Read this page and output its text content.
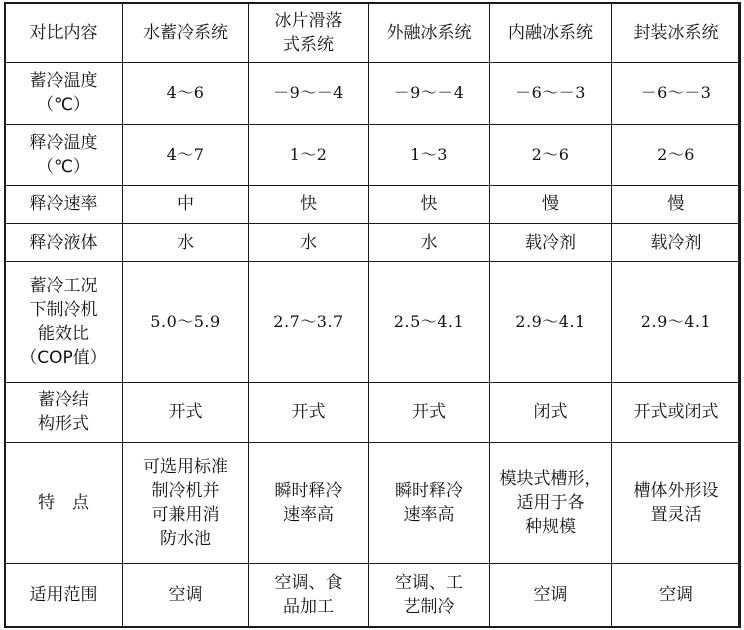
对比内容	水蓄冷系统	冰片滑落
式系统	外融冰系统	内融冰系统	封装冰系统
蓄冷温度
（℃）	4～6	－9～－4	－9～－4	－6～－3	－6～－3
释冷温度
（℃）	4～7	1～2	1～3	2～6	2～6
释冷速率	中	快	快	慢	慢
释冷液体	水	水	水	载冷剂	载冷剂
蓄冷工况
下制冷机
能效比
（COP值）	5.0～5.9	2.7～3.7	2.5～4.1	2.9～4.1	2.9～4.1
蓄冷结
构形式	开式	开式	开式	闭式	开式或闭式
特　点	可选用标准
制冷机并
可兼用消
防水池	瞬时释冷
速率高	瞬时释冷
速率高	模块式槽形，
适用于各
种规模	槽体外形设
置灵活
适用范围	空调	空调、食
品加工	空调、工
艺制冷	空调	空调
